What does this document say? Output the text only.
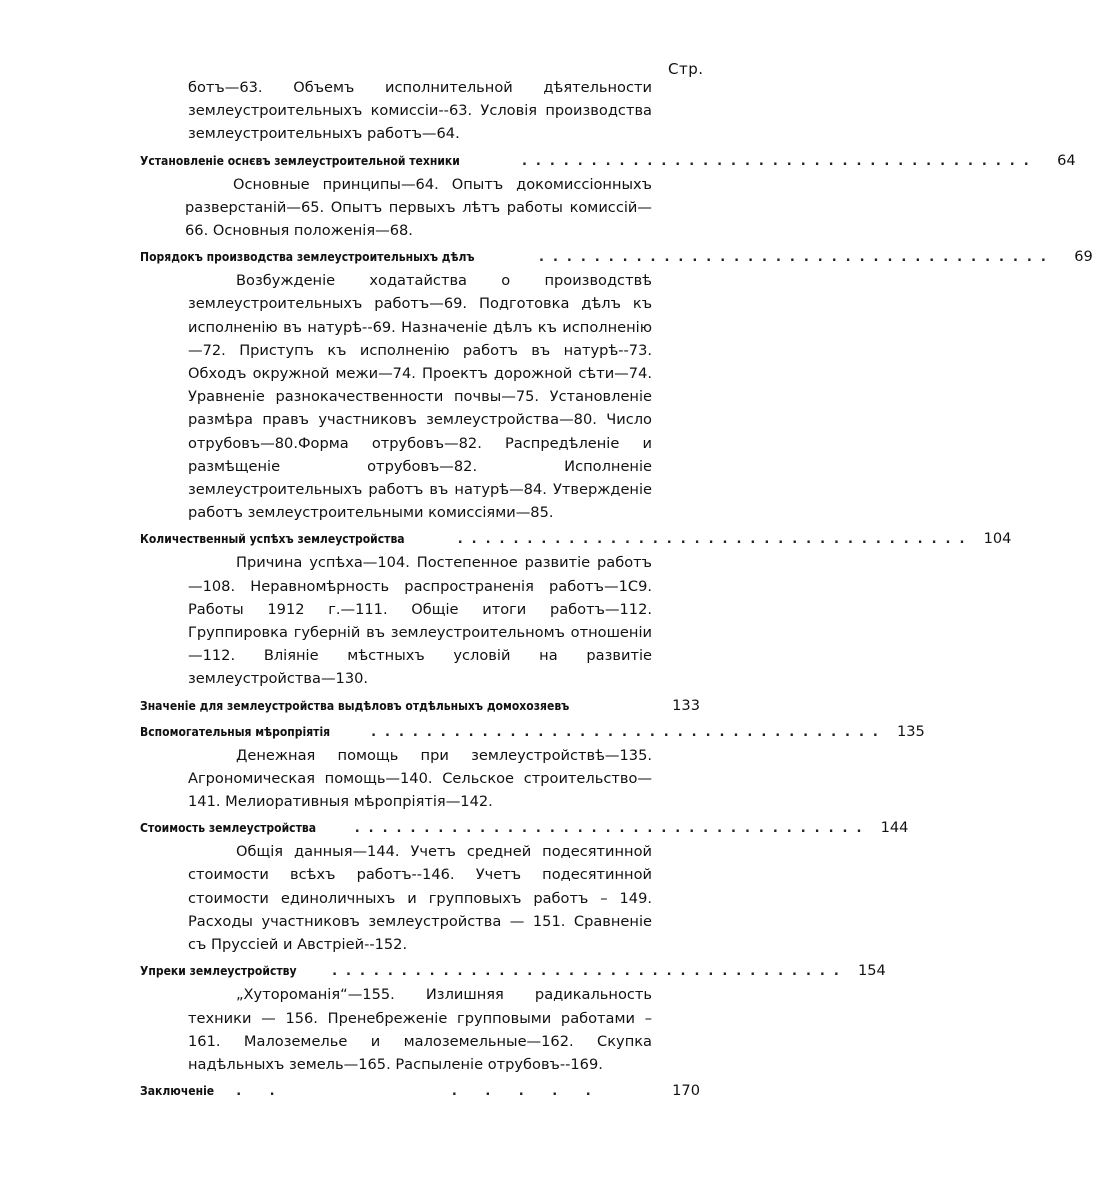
Стр.

ботъ—63. Объемъ исполнительной дѣятельности землеустроительныхъ комиссіи--63. Условія производства землеустроительныхъ работъ—64.

Установленіе оснєвъ землеустроительной техники	.....................................	64

Основные принципы—64. Опытъ докомиссіонныхъ разверстаній—65. Опытъ первыхъ лѣтъ работы комиссій—66. Основныя положенія—68.

Порядокъ производства землеустроительныхъ дѣлъ	.....................................	69

Возбужденіе ходатайства о производствѣ землеустроительныхъ работъ—69. Подготовка дѣлъ къ исполненію въ натурѣ--69. Назначеніе дѣлъ къ исполненію—72. Приступъ къ исполненію работъ въ натурѣ--73. Обходъ окружной межи—74. Проектъ дорожной сѣти—74. Уравненіе разнокачественности почвы—75. Установленіе размѣра правъ участниковъ землеустройства—80. Число отрубовъ—80.Форма отрубовъ—82. Распредѣленіе и размѣщеніе отрубовъ—82. Исполненіе землеустроительныхъ работъ въ натурѣ—84. Утвержденіе работъ землеустроительными комиссіями—85.

Количественный успѣхъ землеустройства	..................................... 104

Причина успѣха—104. Постепенное развитіе работъ—108. Неравномѣрность распространенія работъ—1С9. Работы 1912 г.—111. Общіе итоги работъ—112. Группировка губерній въ землеустроительномъ отношеніи—112. Вліяніе мѣстныхъ условій на развитіе землеустройства—130.

Значеніе для землеустройства выдѣловъ отдѣльныхъ домохозяевъ	133
Вспомогательныя мѣропріятія	..................................... 135

Денежная помощь при землеустройствѣ—135. Агрономическая помощь—140. Сельское строительство—141. Мелиоративныя мѣропріятія—142.

Стоимость землеустройства	..................................... 144

Общія данныя—144. Учетъ средней подесятинной стоимости всѣхъ работъ--146. Учетъ подесятинной стоимости единоличныхъ и групповыхъ работъ – 149. Расходы участниковъ землеустройства — 151. Сравненіе съ Пруссіей и Австріей--152.

Упреки землеустройству	..................................... 154

„Хутороманія“—155. Излишняя радикальность техники — 156. Пренебреженіе групповыми работами – 161. Малоземелье и малоземельные—162. Скупка надѣльныхъ земель—165. Распыленіе отрубовъ--169.

Заключеніе	. .          . . . . .	170
